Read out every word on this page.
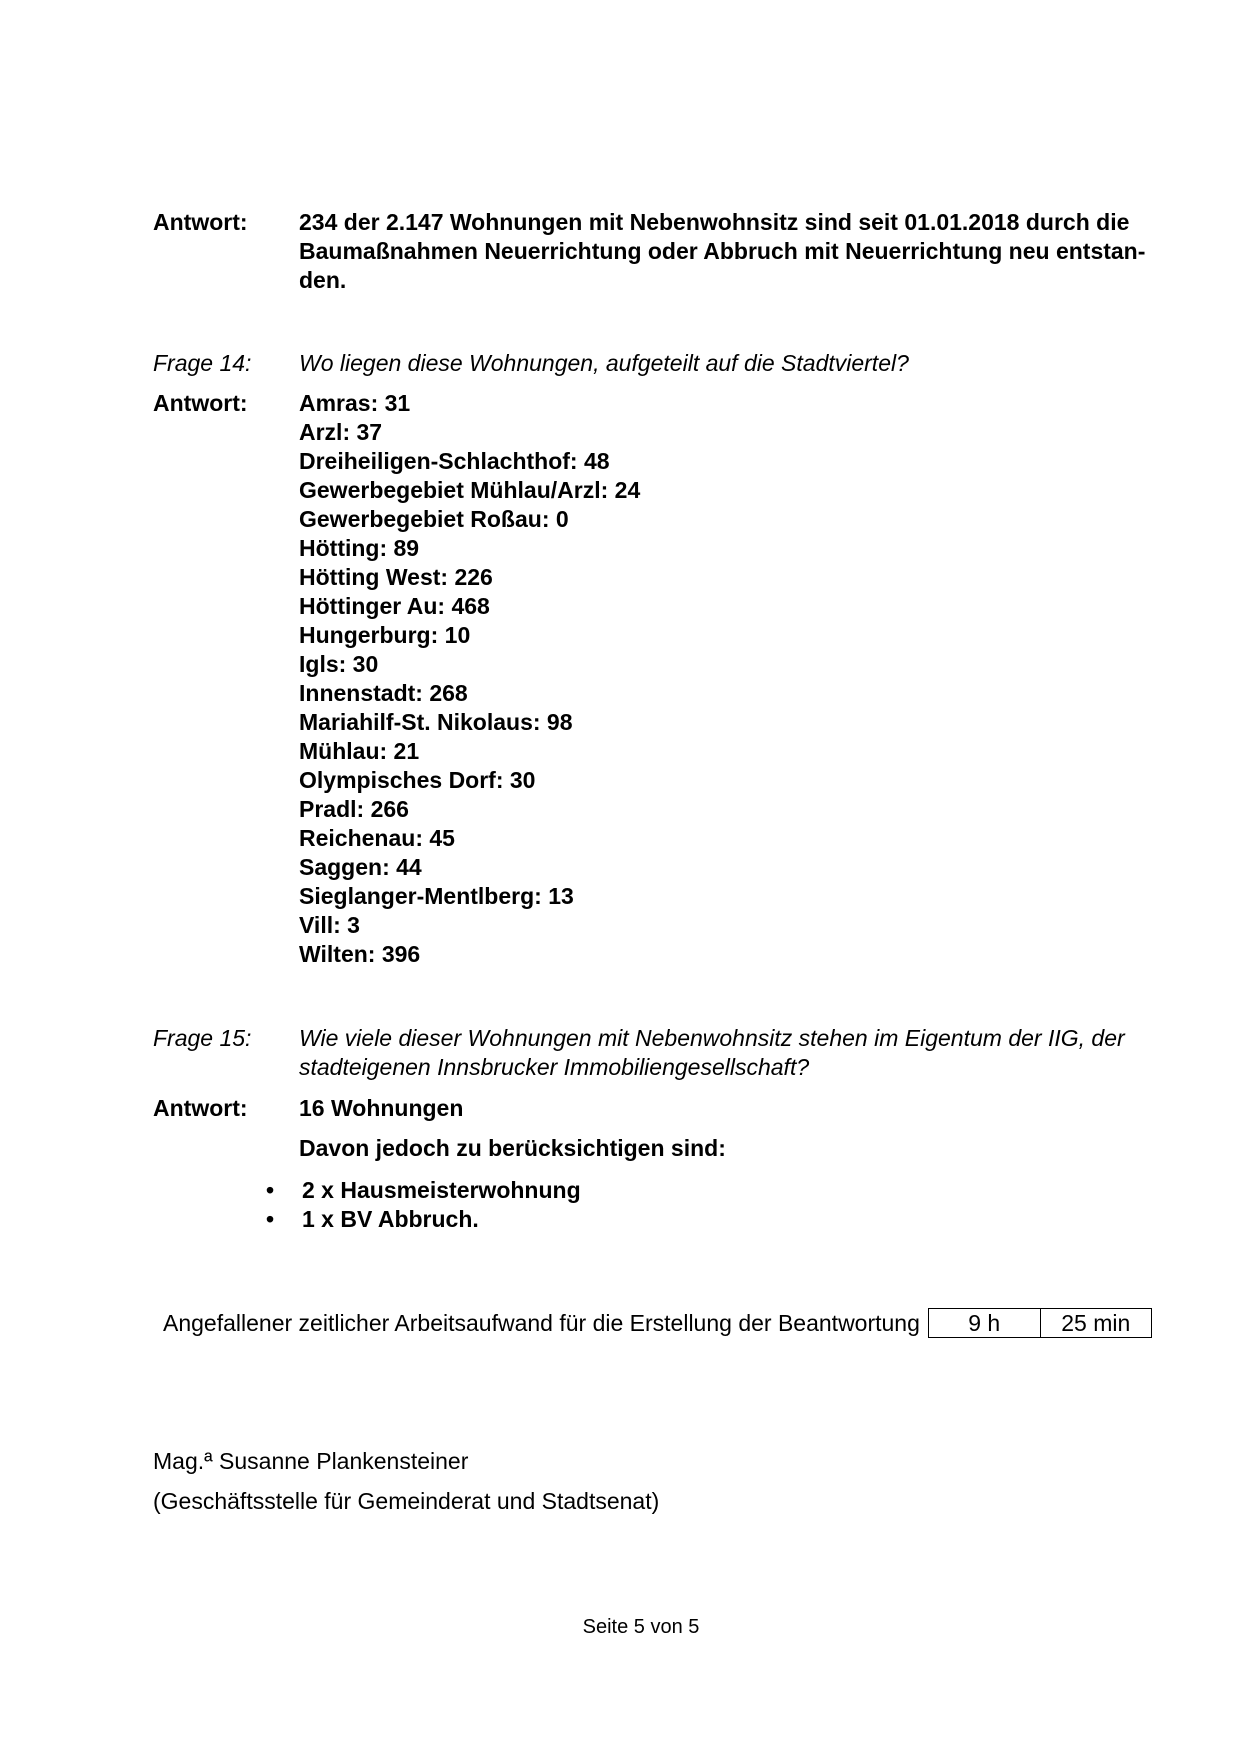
Antwort: 234 der 2.147 Wohnungen mit Nebenwohnsitz sind seit 01.01.2018 durch die
Baumaßnahmen Neuerrichtung oder Abbruch mit Neuerrichtung neu entstan-
den.
Frage 14: Wo liegen diese Wohnungen, aufgeteilt auf die Stadtviertel?
Antwort: Amras: 31
Arzl: 37
Dreiheiligen-Schlachthof: 48
Gewerbegebiet Mühlau/Arzl: 24
Gewerbegebiet Roßau: 0
Hötting: 89
Hötting West: 226
Höttinger Au: 468
Hungerburg: 10
Igls: 30
Innenstadt: 268
Mariahilf-St. Nikolaus: 98
Mühlau: 21
Olympisches Dorf: 30
Pradl: 266
Reichenau: 45
Saggen: 44
Sieglanger-Mentlberg: 13
Vill: 3
Wilten: 396
Frage 15: Wie viele dieser Wohnungen mit Nebenwohnsitz stehen im Eigentum der IIG, der
stadteigenen Innsbrucker Immobiliengesellschaft?
Antwort: 16 Wohnungen
Davon jedoch zu berücksichtigen sind:
•2 x Hausmeisterwohnung
•1 x BV Abbruch.
Angefallener zeitlicher Arbeitsaufwand für die Erstellung der Beantwortung	9 h	25 min
Mag.ª Susanne Plankensteiner
(Geschäftsstelle für Gemeinderat und Stadtsenat)
Seite 5 von 5
